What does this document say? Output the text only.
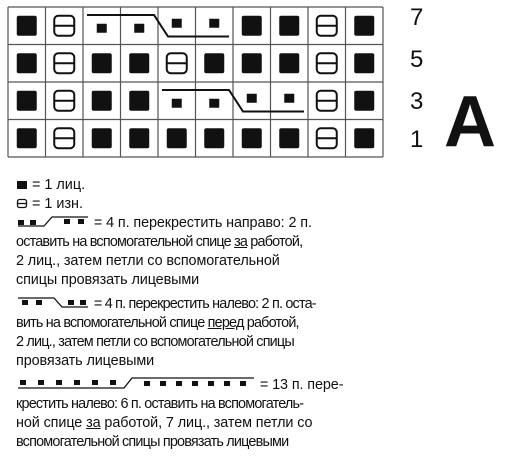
7
5
3
1 A
= 1 лиц.
= 1 изн.
= 4 п. перекрестить направо: 2 п.
оставить на вспомогательной спице за работой,
2 лиц., затем петли со вспомогательной
спицы провязать лицевыми
= 4 п. перекрестить налево: 2 п. оста-
вить на вспомогательной спице перед работой,
2 лиц., затем петли со вспомогательной спицы
провязать лицевыми
= 13 п. пере-
крестить налево: 6 п. оставить на вспомогатель-
ной спице за работой, 7 лиц., затем петли со
вспомогательной спицы провязать лицевыми
